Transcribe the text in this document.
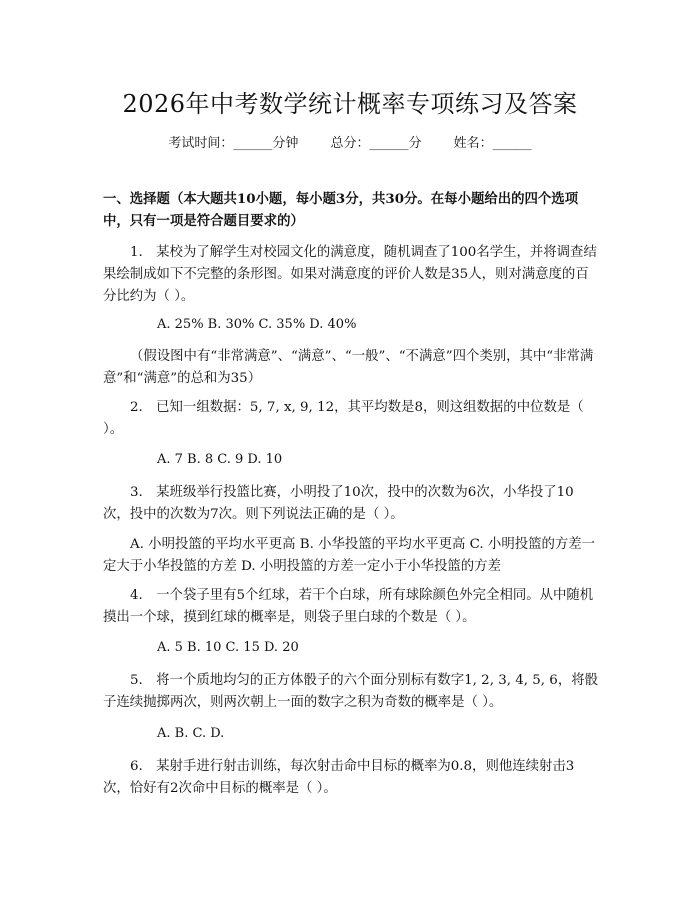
2026年中考数学统计概率专项练习及答案
考试时间：______分钟 总分：______分 姓名：______
一、选择题（本大题共10小题，每小题3分，共30分。在每小题给出的四个选项中，只有一项是符合题目要求的）
1.　某校为了解学生对校园文化的满意度，随机调查了100名学生，并将调查结果绘制成如下不完整的条形图。如果对满意度的评价人数是35人，则对满意度的百分比约为（ ）。
A. 25% B. 30% C. 35% D. 40%
（假设图中有“非常满意”、“满意”、“一般”、“不满意”四个类别，其中“非常满意”和“满意”的总和为35）
2.　已知一组数据：5, 7, x, 9, 12，其平均数是8，则这组数据的中位数是（ ）。
A. 7 B. 8 C. 9 D. 10
3.　某班级举行投篮比赛，小明投了10次，投中的次数为6次，小华投了10次，投中的次数为7次。则下列说法正确的是（ ）。
A. 小明投篮的平均水平更高 B. 小华投篮的平均水平更高 C. 小明投篮的方差一定大于小华投篮的方差 D. 小明投篮的方差一定小于小华投篮的方差
4.　一个袋子里有5个红球，若干个白球，所有球除颜色外完全相同。从中随机摸出一个球，摸到红球的概率是，则袋子里白球的个数是（ ）。
A. 5 B. 10 C. 15 D. 20
5.　将一个质地均匀的正方体骰子的六个面分别标有数字1, 2, 3, 4, 5, 6，将骰子连续抛掷两次，则两次朝上一面的数字之积为奇数的概率是（ ）。
A. B. C. D.
6.　某射手进行射击训练，每次射击命中目标的概率为0.8，则他连续射击3次，恰好有2次命中目标的概率是（ ）。
